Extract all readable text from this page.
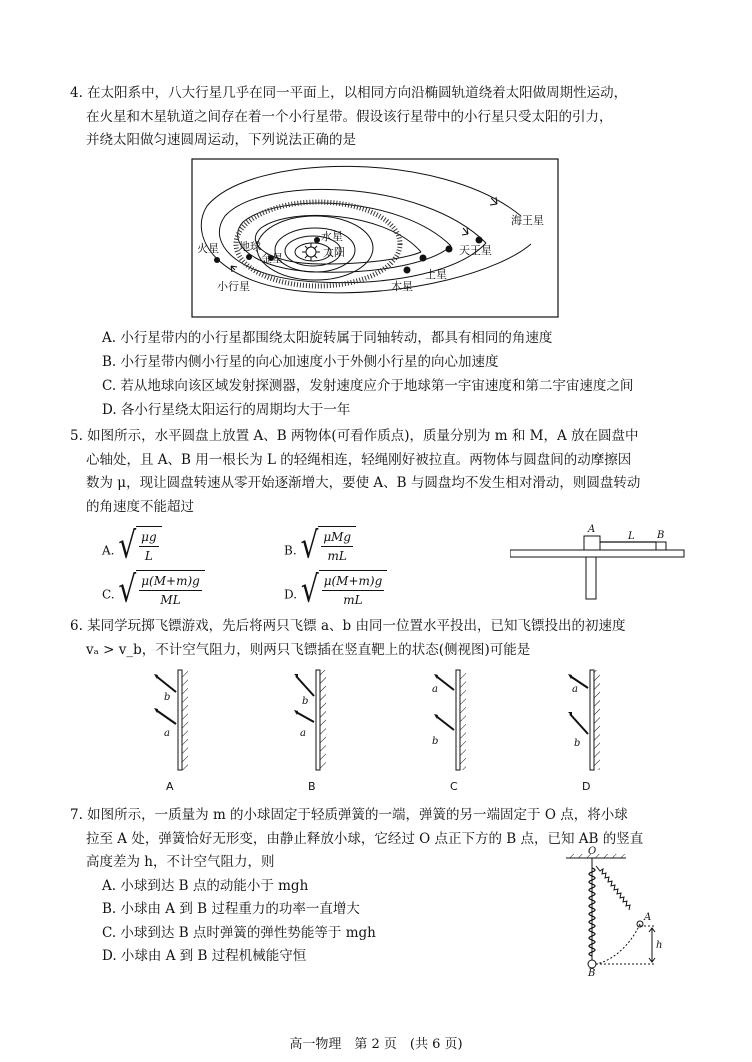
4. 在太阳系中，八大行星几乎在同一平面上，以相同方向沿椭圆轨道绕着太阳做周期性运动，
在火星和木星轨道之间存在着一个小行星带。假设该行星带中的小行星只受太阳的引力，
并绕太阳做匀速圆周运动，下列说法正确的是
海王星
天王星
土星
木星
火星 地球
金星
水星
太阳
小行星
A. 小行星带内的小行星都围绕太阳旋转属于同轴转动，都具有相同的角速度
B. 小行星带内侧小行星的向心加速度小于外侧小行星的向心加速度
C. 若从地球向该区域发射探测器，发射速度应介于地球第一宇宙速度和第二宇宙速度之间
D. 各小行星绕太阳运行的周期均大于一年
5. 如图所示，水平圆盘上放置 A、B 两物体(可看作质点)，质量分别为 m 和 M，A 放在圆盘中
心轴处，且 A、B 用一根长为 L 的轻绳相连，轻绳刚好被拉直。两物体与圆盘间的动摩擦因
数为 μ，现让圆盘转速从零开始逐渐增大，要使 A、B 与圆盘均不发生相对滑动，则圆盘转动
的角速度不能超过
A. √ $\frac{\mu g}{L}$	B. √ $\frac{\text{μMg}}{mL}$
C. √ $\frac{\mu(M+m)g}{ML}$	D. √ $\frac{\mu(M+m)g}{mL}$
A
B
L
6. 某同学玩掷飞镖游戏，先后将两只飞镖 a、b 由同一位置水平投出，已知飞镖投出的初速度
vₐ > v_b，不计空气阻力，则两只飞镖插在竖直靶上的状态(侧视图)可能是
b
a
A
b
a
B
a
b
C
a
b
D
7. 如图所示，一质量为 m 的小球固定于轻质弹簧的一端，弹簧的另一端固定于 O 点，将小球
拉至 A 处，弹簧恰好无形变，由静止释放小球，它经过 O 点正下方的 B 点，已知 AB 的竖直
高度差为 h，不计空气阻力，则
A. 小球到达 B 点的动能小于 mgh
B. 小球由 A 到 B 过程重力的功率一直增大
C. 小球到达 B 点时弹簧的弹性势能等于 mgh
D. 小球由 A 到 B 过程机械能守恒
O
A
B
h
高一物理　第 2 页　(共 6 页)
